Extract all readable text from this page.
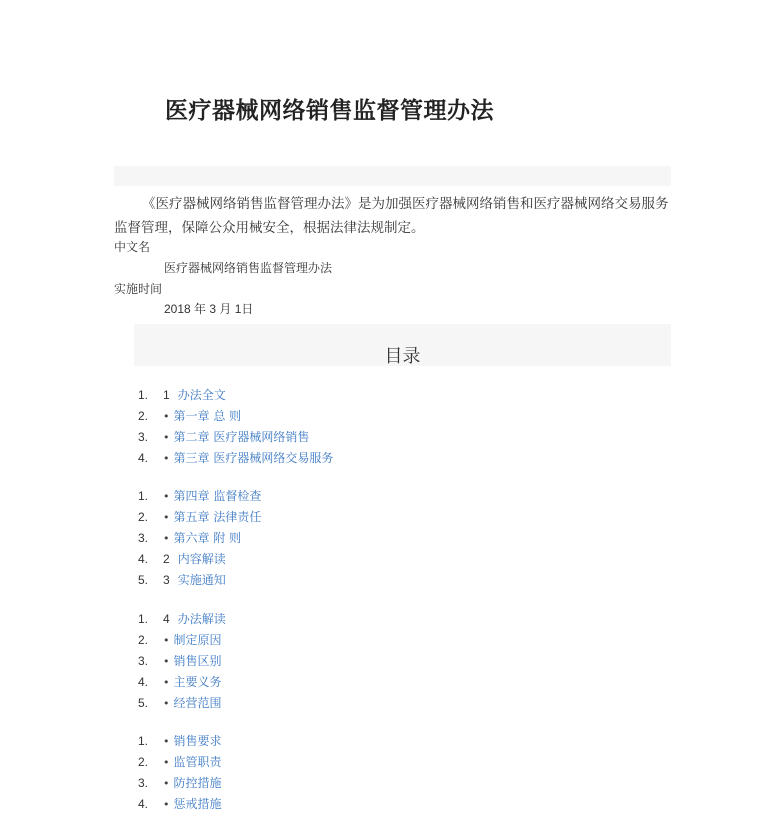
医疗器械网络销售监督管理办法

《医疗器械网络销售监督管理办法》是为加强医疗器械网络销售和医疗器械网络交易服务监督管理，保障公众用械安全，根据法律法规制定。

中文名
医疗器械网络销售监督管理办法
实施时间
2018 年 3 月 1日
目录
1. 1 办法全文
2. • 第一章 总 则
3. • 第二章 医疗器械网络销售
4. • 第三章 医疗器械网络交易服务
1. • 第四章 监督检查
2. • 第五章 法律责任
3. • 第六章 附 则
4. 2 内容解读
5. 3 实施通知
1. 4 办法解读
2. • 制定原因
3. • 销售区别
4. • 主要义务
5. • 经营范围
1. • 销售要求
2. • 监管职责
3. • 防控措施
4. • 惩戒措施
